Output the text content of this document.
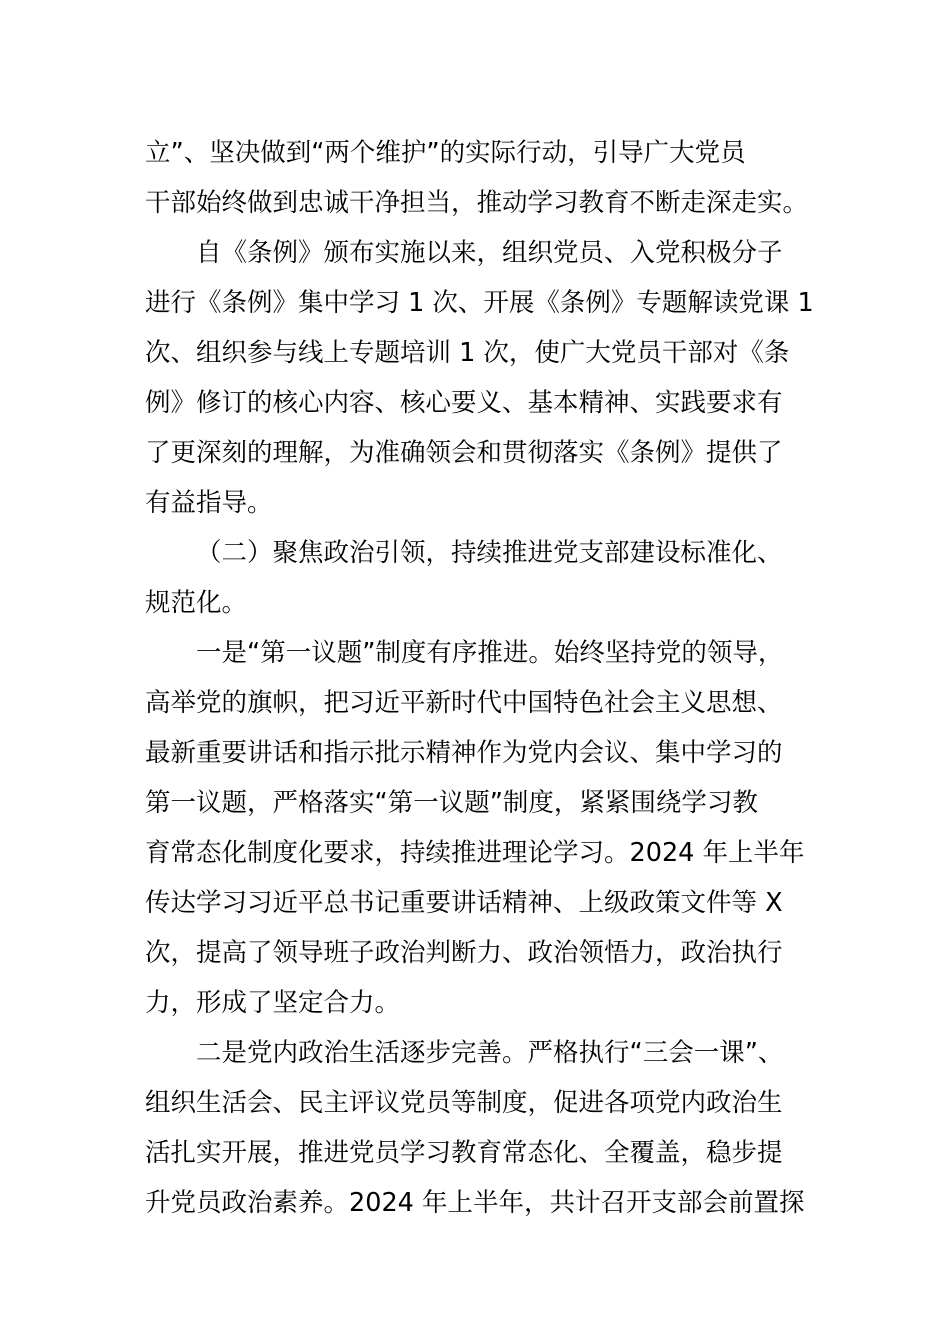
立”、坚决做到“两个维护”的实际行动，引导广大党员
干部始终做到忠诚干净担当，推动学习教育不断走深走实。
自《条例》颁布实施以来，组织党员、入党积极分子
进行《条例》集中学习 1 次、开展《条例》专题解读党课 1
次、组织参与线上专题培训 1 次，使广大党员干部对《条
例》修订的核心内容、核心要义、基本精神、实践要求有
了更深刻的理解，为准确领会和贯彻落实《条例》提供了
有益指导。
（二）聚焦政治引领，持续推进党支部建设标准化、
规范化。
一是“第一议题”制度有序推进。始终坚持党的领导，
高举党的旗帜，把习近平新时代中国特色社会主义思想、
最新重要讲话和指示批示精神作为党内会议、集中学习的
第一议题，严格落实“第一议题”制度，紧紧围绕学习教
育常态化制度化要求，持续推进理论学习。2024 年上半年
传达学习习近平总书记重要讲话精神、上级政策文件等 X
次，提高了领导班子政治判断力、政治领悟力，政治执行
力，形成了坚定合力。
二是党内政治生活逐步完善。严格执行“三会一课”、
组织生活会、民主评议党员等制度，促进各项党内政治生
活扎实开展，推进党员学习教育常态化、全覆盖，稳步提
升党员政治素养。2024 年上半年，共计召开支部会前置探
